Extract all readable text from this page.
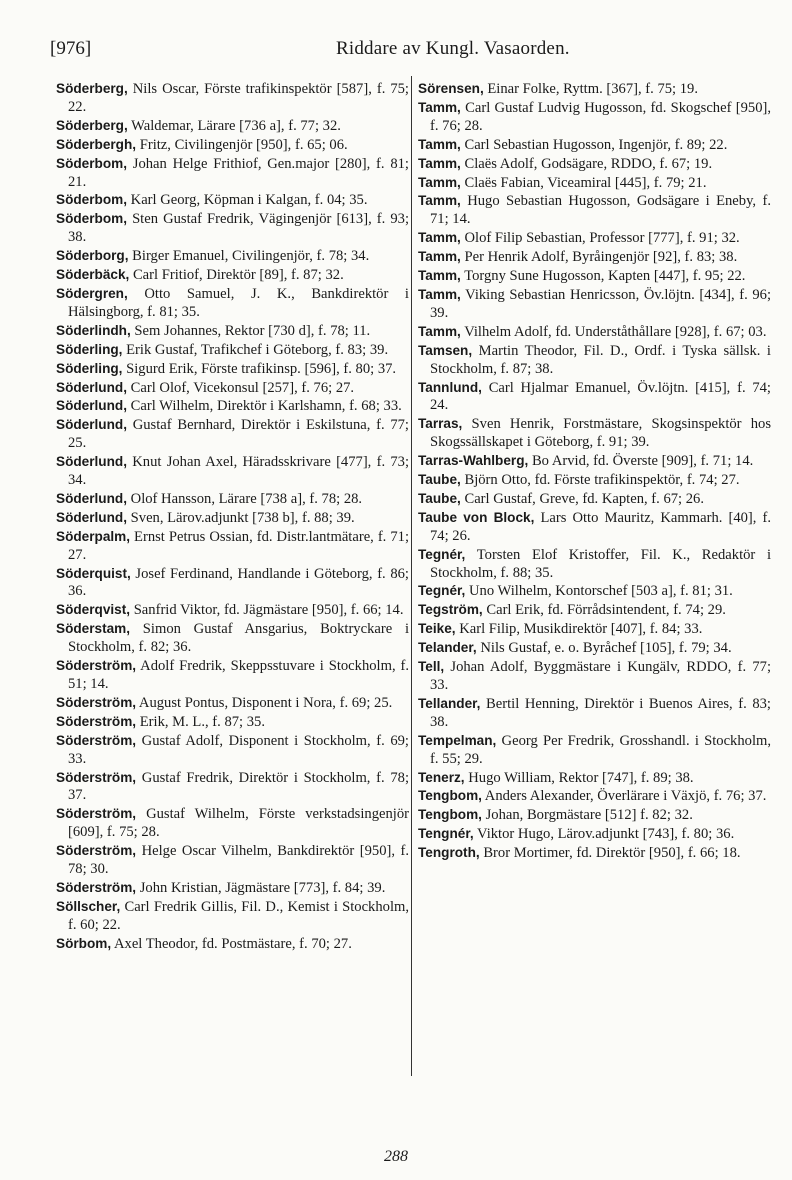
[976]	Riddare av Kungl. Vasaorden.

Söderberg, Nils Oscar, Förste trafikinspektör [587], f. 75; 22.

Söderberg, Waldemar, Lärare [736 a], f. 77; 32.

Söderbergh, Fritz, Civilingenjör [950], f. 65; 06.

Söderbom, Johan Helge Frithiof, Gen.major [280], f. 81; 21.

Söderbom, Karl Georg, Köpman i Kalgan, f. 04; 35.

Söderbom, Sten Gustaf Fredrik, Vägingenjör [613], f. 93; 38.

Söderborg, Birger Emanuel, Civilingenjör, f. 78; 34.

Söderbäck, Carl Fritiof, Direktör [89], f. 87; 32.

Södergren, Otto Samuel, J. K., Bankdirektör i Hälsingborg, f. 81; 35.

Söderlindh, Sem Johannes, Rektor [730 d], f. 78; 11.

Söderling, Erik Gustaf, Trafikchef i Göteborg, f. 83; 39.

Söderling, Sigurd Erik, Förste trafikinsp. [596], f. 80; 37.

Söderlund, Carl Olof, Vicekonsul [257], f. 76; 27.

Söderlund, Carl Wilhelm, Direktör i Karlshamn, f. 68; 33.

Söderlund, Gustaf Bernhard, Direktör i Eskilstuna, f. 77; 25.

Söderlund, Knut Johan Axel, Häradsskrivare [477], f. 73; 34.

Söderlund, Olof Hansson, Lärare [738 a], f. 78; 28.

Söderlund, Sven, Lärov.adjunkt [738 b], f. 88; 39.

Söderpalm, Ernst Petrus Ossian, fd. Distr.lantmätare, f. 71; 27.

Söderquist, Josef Ferdinand, Handlande i Göteborg, f. 86; 36.

Söderqvist, Sanfrid Viktor, fd. Jägmästare [950], f. 66; 14.

Söderstam, Simon Gustaf Ansgarius, Boktryckare i Stockholm, f. 82; 36.

Söderström, Adolf Fredrik, Skeppsstuvare i Stockholm, f. 51; 14.

Söderström, August Pontus, Disponent i Nora, f. 69; 25.

Söderström, Erik, M. L., f. 87; 35.

Söderström, Gustaf Adolf, Disponent i Stockholm, f. 69; 33.

Söderström, Gustaf Fredrik, Direktör i Stockholm, f. 78; 37.

Söderström, Gustaf Wilhelm, Förste verkstadsingenjör [609], f. 75; 28.

Söderström, Helge Oscar Vilhelm, Bankdirektör [950], f. 78; 30.

Söderström, John Kristian, Jägmästare [773], f. 84; 39.

Söllscher, Carl Fredrik Gillis, Fil. D., Kemist i Stockholm, f. 60; 22.

Sörbom, Axel Theodor, fd. Postmästare, f. 70; 27.

Sörensen, Einar Folke, Ryttm. [367], f. 75; 19.

Tamm, Carl Gustaf Ludvig Hugosson, fd. Skogschef [950], f. 76; 28.

Tamm, Carl Sebastian Hugosson, Ingenjör, f. 89; 22.

Tamm, Claës Adolf, Godsägare, RDDO, f. 67; 19.

Tamm, Claës Fabian, Viceamiral [445], f. 79; 21.

Tamm, Hugo Sebastian Hugosson, Godsägare i Eneby, f. 71; 14.

Tamm, Olof Filip Sebastian, Professor [777], f. 91; 32.

Tamm, Per Henrik Adolf, Byråingenjör [92], f. 83; 38.

Tamm, Torgny Sune Hugosson, Kapten [447], f. 95; 22.

Tamm, Viking Sebastian Henricsson, Öv.löjtn. [434], f. 96; 39.

Tamm, Vilhelm Adolf, fd. Underståthållare [928], f. 67; 03.

Tamsen, Martin Theodor, Fil. D., Ordf. i Tyska sällsk. i Stockholm, f. 87; 38.

Tannlund, Carl Hjalmar Emanuel, Öv.löjtn. [415], f. 74; 24.

Tarras, Sven Henrik, Forstmästare, Skogsinspektör hos Skogssällskapet i Göteborg, f. 91; 39.

Tarras-Wahlberg, Bo Arvid, fd. Överste [909], f. 71; 14.

Taube, Björn Otto, fd. Förste trafikinspektör, f. 74; 27.

Taube, Carl Gustaf, Greve, fd. Kapten, f. 67; 26.

Taube von Block, Lars Otto Mauritz, Kammarh. [40], f. 74; 26.

Tegnér, Torsten Elof Kristoffer, Fil. K., Redaktör i Stockholm, f. 88; 35.

Tegnér, Uno Wilhelm, Kontorschef [503 a], f. 81; 31.

Tegström, Carl Erik, fd. Förrådsintendent, f. 74; 29.

Teike, Karl Filip, Musikdirektör [407], f. 84; 33.

Telander, Nils Gustaf, e. o. Byråchef [105], f. 79; 34.

Tell, Johan Adolf, Byggmästare i Kungälv, RDDO, f. 77; 33.

Tellander, Bertil Henning, Direktör i Buenos Aires, f. 83; 38.

Tempelman, Georg Per Fredrik, Grosshandl. i Stockholm, f. 55; 29.

Tenerz, Hugo William, Rektor [747], f. 89; 38.

Tengbom, Anders Alexander, Överlärare i Växjö, f. 76; 37.

Tengbom, Johan, Borgmästare [512] f. 82; 32.

Tengnér, Viktor Hugo, Lärov.adjunkt [743], f. 80; 36.

Tengroth, Bror Mortimer, fd. Direktör [950], f. 66; 18.

288
